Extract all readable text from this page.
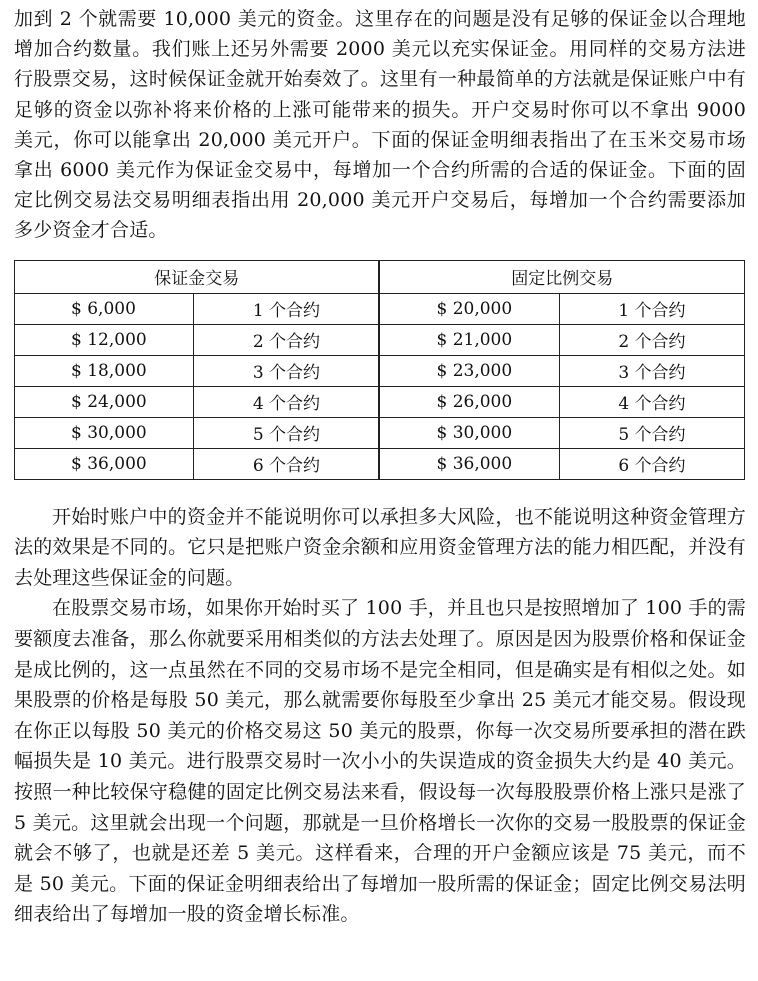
加到 2 个就需要 10,000 美元的资金。这里存在的问题是没有足够的保证金以合理地增加合约数量。我们账上还另外需要 2000 美元以充实保证金。用同样的交易方法进行股票交易，这时候保证金就开始奏效了。这里有一种最简单的方法就是保证账户中有足够的资金以弥补将来价格的上涨可能带来的损失。开户交易时你可以不拿出 9000 美元，你可以能拿出 20,000 美元开户。下面的保证金明细表指出了在玉米交易市场拿出 6000 美元作为保证金交易中，每增加一个合约所需的合适的保证金。下面的固定比例交易法交易明细表指出用 20,000 美元开户交易后，每增加一个合约需要添加多少资金才合适。

保证金交易		固定比例交易	
$ 6,000	1 个合约	$ 20,000	1 个合约
$ 12,000	2 个合约	$ 21,000	2 个合约
$ 18,000	3 个合约	$ 23,000	3 个合约
$ 24,000	4 个合约	$ 26,000	4 个合约
$ 30,000	5 个合约	$ 30,000	5 个合约
$ 36,000	6 个合约	$ 36,000	6 个合约

开始时账户中的资金并不能说明你可以承担多大风险，也不能说明这种资金管理方法的效果是不同的。它只是把账户资金余额和应用资金管理方法的能力相匹配，并没有去处理这些保证金的问题。

在股票交易市场，如果你开始时买了 100 手，并且也只是按照增加了 100 手的需要额度去准备，那么你就要采用相类似的方法去处理了。原因是因为股票价格和保证金是成比例的，这一点虽然在不同的交易市场不是完全相同，但是确实是有相似之处。如果股票的价格是每股 50 美元，那么就需要你每股至少拿出 25 美元才能交易。假设现在你正以每股 50 美元的价格交易这 50 美元的股票，你每一次交易所要承担的潜在跌幅损失是 10 美元。进行股票交易时一次小小的失误造成的资金损失大约是 40 美元。按照一种比较保守稳健的固定比例交易法来看，假设每一次每股股票价格上涨只是涨了 5 美元。这里就会出现一个问题，那就是一旦价格增长一次你的交易一股股票的保证金就会不够了，也就是还差 5 美元。这样看来，合理的开户金额应该是 75 美元，而不是 50 美元。下面的保证金明细表给出了每增加一股所需的保证金；固定比例交易法明细表给出了每增加一股的资金增长标准。
